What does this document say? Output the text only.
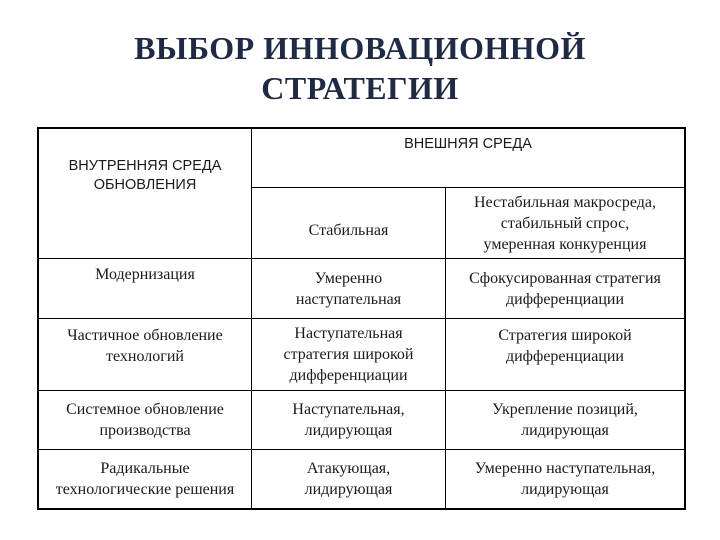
ВЫБОР ИННОВАЦИОННОЙ
СТРАТЕГИИ
ВНЕШНЯЯ СРЕДА
ВНУТРЕННЯЯ СРЕДА
ОБНОВЛЕНИЯ
Стабильная
Нестабильная макросреда,
стабильный спрос,
умеренная конкуренция
Модернизация	Умеренно
наступательная
Сфокусированная стратегия
дифференциации
Частичное обновление
технологий
Наступательная
стратегия широкой
дифференциации
Стратегия широкой
дифференциации
Системное обновление
производства
Наступательная,
лидирующая
Укрепление позиций,
лидирующая
Радикальные
технологические решения
Атакующая,
лидирующая
Умеренно наступательная,
лидирующая
